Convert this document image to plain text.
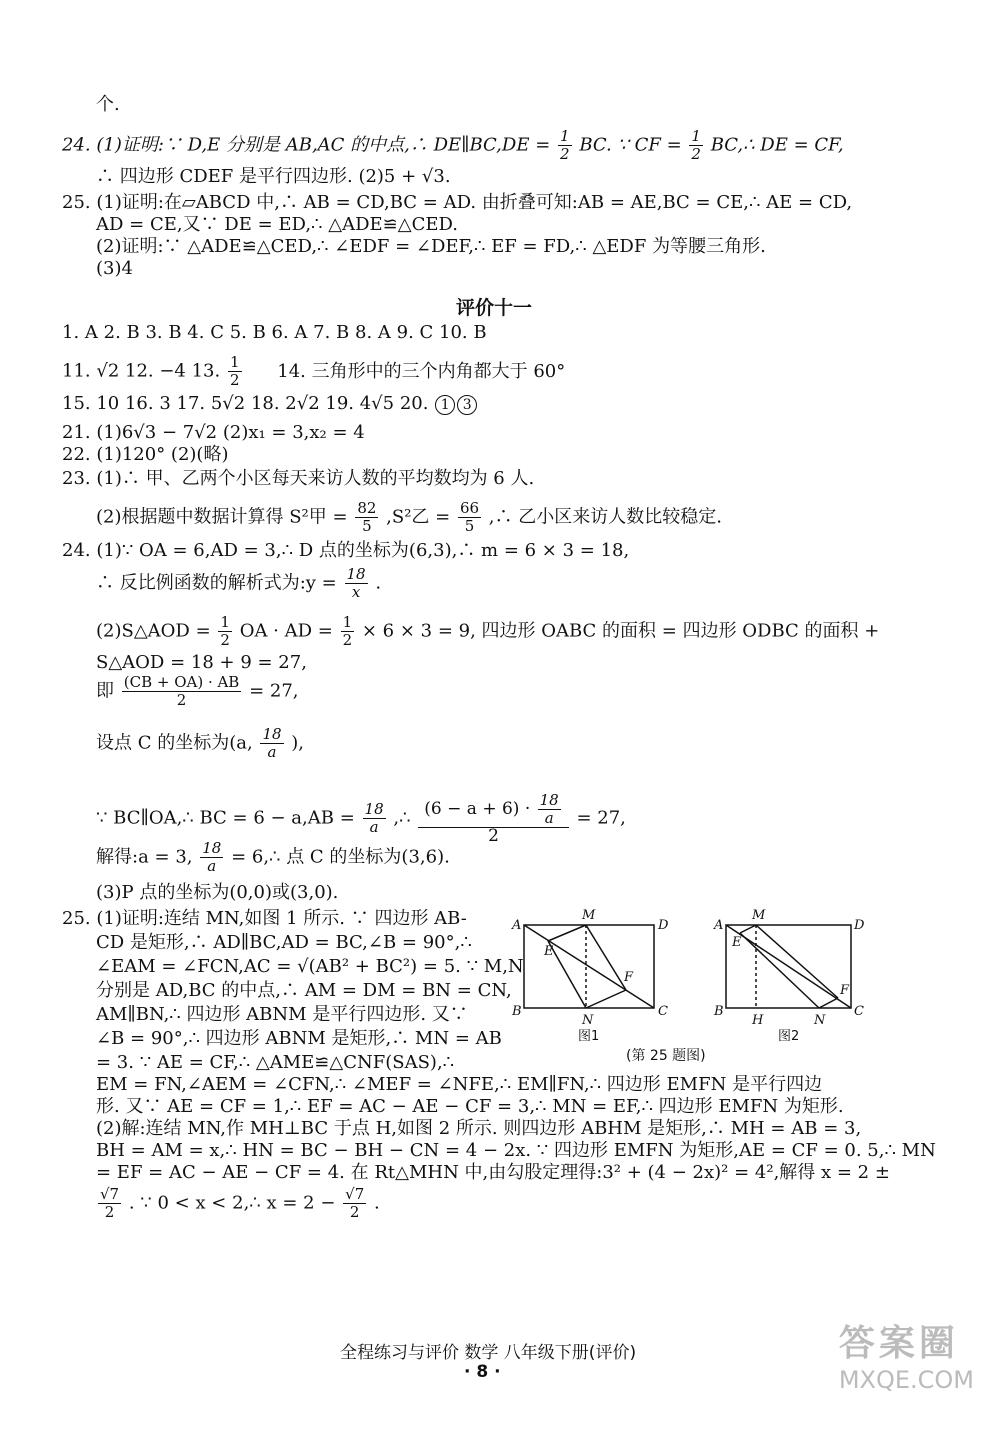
个.
24. (1)证明:∵ D,E 分别是 AB,AC 的中点,∴ DE∥BC,DE = $\frac{1}{2}$ BC. ∵ CF = $\frac{1}{2}$ BC,∴ DE = CF,
∴ 四边形 CDEF 是平行四边形. (2)5 + √3.
25. (1)证明:在▱ABCD 中,∴ AB = CD,BC = AD. 由折叠可知:AB = AE,BC = CE,∴ AE = CD,
AD = CE,又∵ DE = ED,∴ △ADE≌△CED.
(2)证明:∵ △ADE≌△CED,∴ ∠EDF = ∠DEF,∴ EF = FD,∴ △EDF 为等腰三角形.
(3)4
评价十一
1. A 2. B 3. B 4. C 5. B 6. A 7. B 8. A 9. C 10. B
11. √2 12. −4 13. $\frac{1}{2} 14$. 三角形中的三个内角都大于 60°
15. 10 16. 3 17. 5√2 18. 2√2 19. 4√5 20. 1 3
21. (1)6√3 − 7√2 (2)x₁ = 3,x₂ = 4
22. (1)120° (2)(略)
23. (1)∴ 甲、乙两个小区每天来访人数的平均数均为 6 人.
(2)根据题中数据计算得 S²甲 = $\frac{82}{5} ,S^2$乙 = $\frac{66}{5}$ ,∴ 乙小区来访人数比较稳定.
24. (1)∵ OA = 6,AD = 3,∴ D 点的坐标为(6,3),∴ m = 6 × 3 = 18,
∴ 反比例函数的解析式为:y = $\frac{18}{x}$ .
(2)S△AOD = $\frac{1}{2}$ OA · AD = $\frac{1}{2} \times 6 \times 3 = 9$, 四边形 OABC 的面积 = 四边形 ODBC 的面积 +
S△AOD = 18 + 9 = 27,
即 $\frac{(CB + OA) \cdot AB}{2} = 27$,
设点 C 的坐标为(a, $\frac{18}{a}$ ),
∵ BC∥OA,∴ BC = $6 - a,AB = \frac{18}{a}$ ,∴ $\frac{(6 - a + 6) \cdot \frac{18}{a}}{2} = 27$,
解得:a = 3, $\frac{18}{a}$ = 6,∴ 点 C 的坐标为(3,6).
(3)P 点的坐标为(0,0)或(3,0).
25. (1)证明:连结 MN,如图 1 所示. ∵ 四边形 AB-
CD 是矩形,∴ AD∥BC,AD = BC,∠B = 90°,∴
∠EAM = ∠FCN,AC = √(AB² + BC²) = 5. ∵ M,N
分别是 AD,BC 的中点,∴ AM = DM = BN = CN,
AM∥BN,∴ 四边形 ABNM 是平行四边形. 又∵
∠B = 90°,∴ 四边形 ABNM 是矩形,∴ MN = AB
= 3. ∵ AE = CF,∴ △AME≌△CNF(SAS),∴
EM = FN,∠AEM = ∠CFN,∴ ∠MEF = ∠NFE,∴ EM∥FN,∴ 四边形 EMFN 是平行四边
形. 又∵ AE = CF = 1,∴ EF = AC − AE − CF = 3,∴ MN = EF,∴ 四边形 EMFN 为矩形.
(2)解:连结 MN,作 MH⊥BC 于点 H,如图 2 所示. 则四边形 ABHM 是矩形,∴ MH = AB = 3,
BH = AM = x,∴ HN = BC − BH − CN = 4 − 2x. ∵ 四边形 EMFN 为矩形,AE = CF = 0. 5,∴ MN
= EF = AC − AE − CF = 4. 在 Rt△MHN 中,由勾股定理得:3² + (4 − 2x)² = 4²,解得 x = 2 ±
$\frac{√7}{2}$ . ∵ 0 < x < 2,∴ $x = 2 - \frac{√7}{2}$ .
A
B	C
D
M
N
E
F
图1
A
B	C
D
M
N
H
E
F
图2
(第 25 题图)
全程练习与评价 数学 八年级下册(评价)
· 8 ·
答案圈
MXQE.COM
